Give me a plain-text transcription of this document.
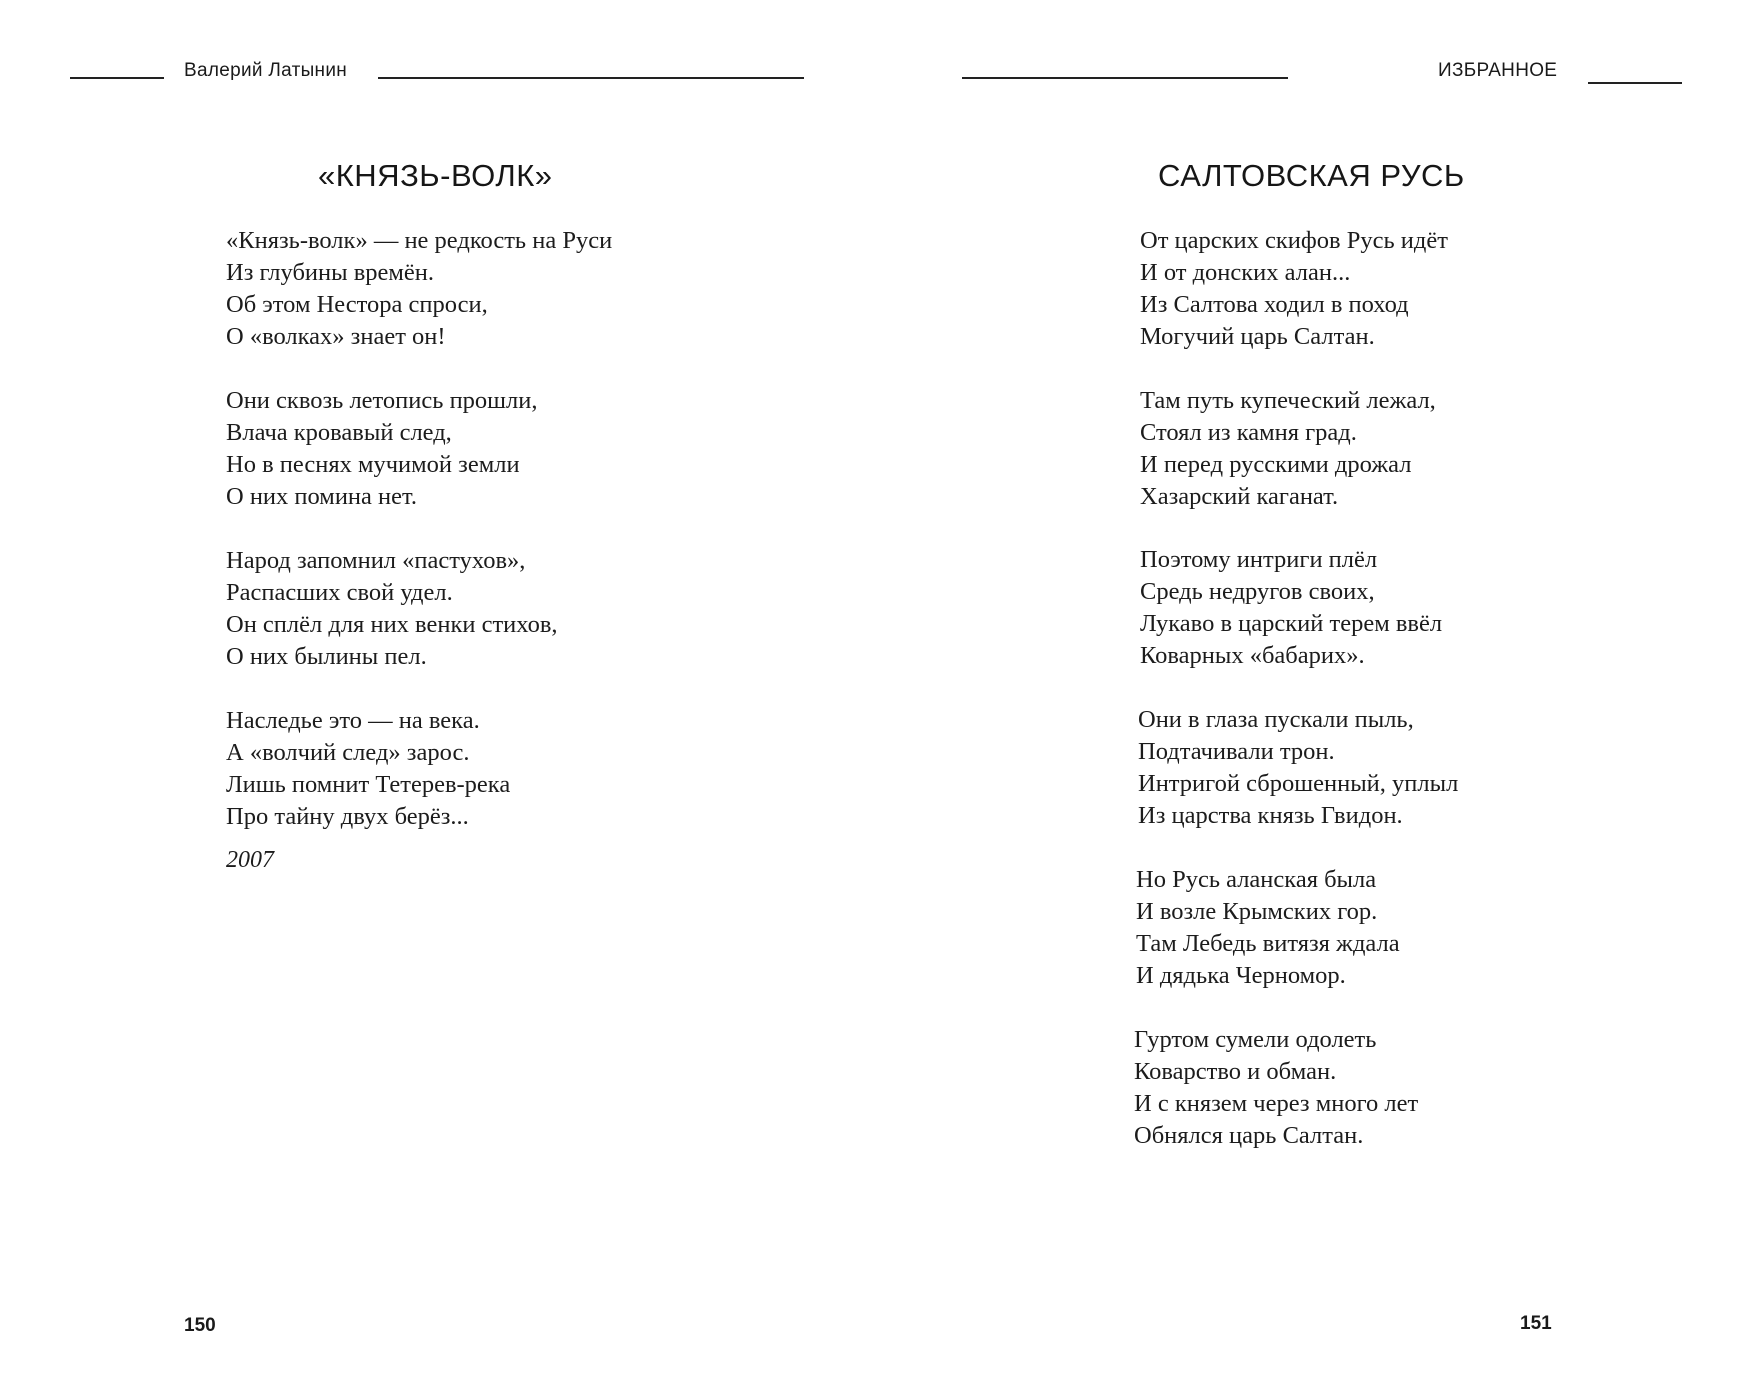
Валерий Латынин
«КНЯЗЬ-ВОЛК»
«Князь-волк» — не редкость на Руси
Из глубины времён.
Об этом Нестора спроси,
О «волках» знает он!
Они сквозь летопись прошли,
Влача кровавый след,
Но в песнях мучимой земли
О них помина нет.
Народ запомнил «пастухов»,
Распасших свой удел.
Он сплёл для них венки стихов,
О них былины пел.
Наследье это — на века.
А «волчий след» зарос.
Лишь помнит Тетерев-река
Про тайну двух берёз...
2007
150
ИЗБРАННОЕ
САЛТОВСКАЯ РУСЬ
От царских скифов Русь идёт
И от донских алан...
Из Салтова ходил в поход
Могучий царь Салтан.
Там путь купеческий лежал,
Стоял из камня град.
И перед русскими дрожал
Хазарский каганат.
Поэтому интриги плёл
Средь недругов своих,
Лукаво в царский терем ввёл
Коварных «бабарих».
Они в глаза пускали пыль,
Подтачивали трон.
Интригой сброшенный, уплыл
Из царства князь Гвидон.
Но Русь аланская была
И возле Крымских гор.
Там Лебедь витязя ждала
И дядька Черномор.
Гуртом сумели одолеть
Коварство и обман.
И с князем через много лет
Обнялся царь Салтан.
151
